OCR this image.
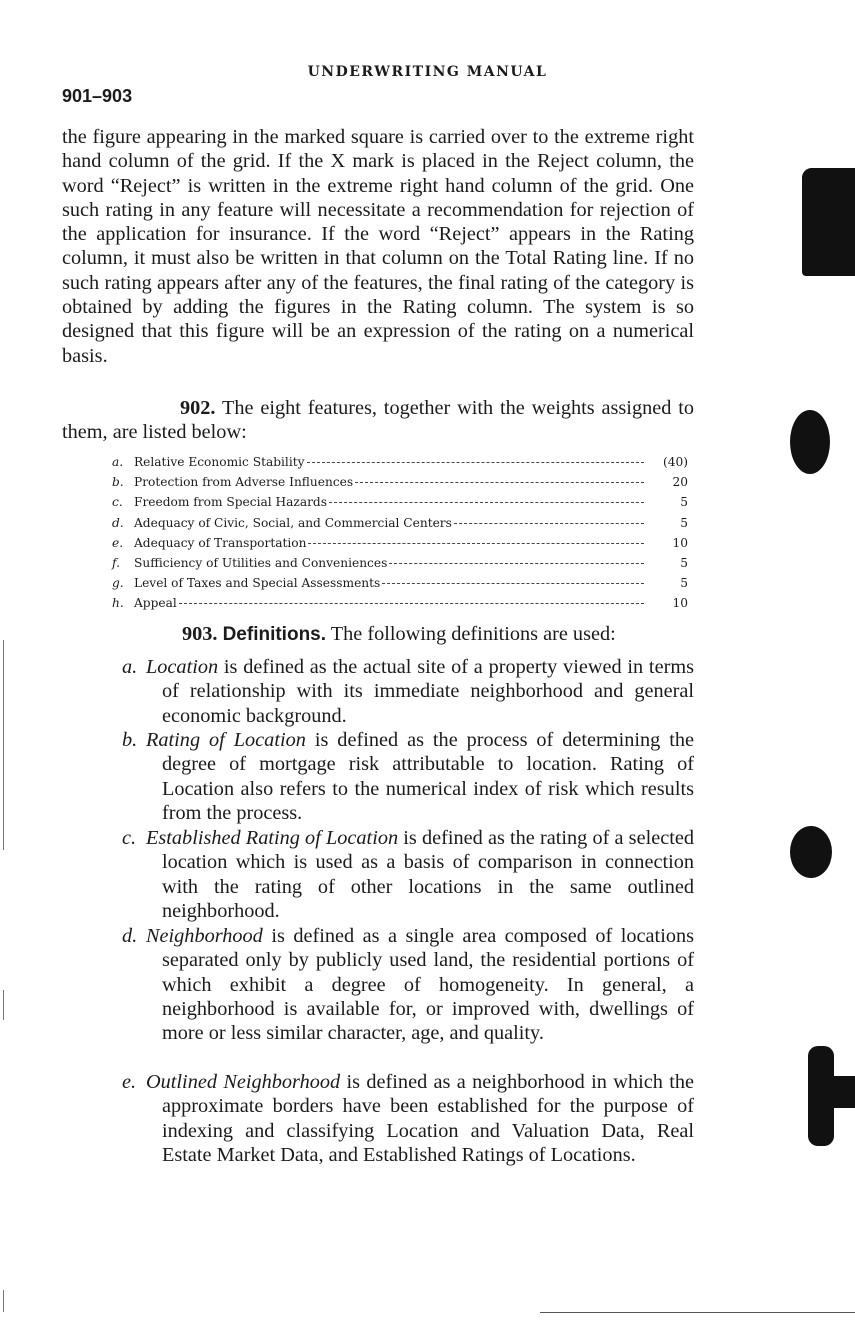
UNDERWRITING MANUAL
901–903

the figure appearing in the marked square is carried over to the extreme right hand column of the grid. If the X mark is placed in the Reject column, the word “Reject” is written in the extreme right hand column of the grid. One such rating in any feature will necessitate a recommendation for rejection of the application for insurance. If the word “Reject” appears in the Rating column, it must also be written in that column on the Total Rating line. If no such rating appears after any of the features, the final rating of the category is obtained by adding the figures in the Rating column. The system is so designed that this figure will be an expression of the rating on a numerical basis.

902. The eight features, together with the weights assigned to them, are listed below:

a. Relative Economic Stability	(40)
b. Protection from Adverse Influences	20
c. Freedom from Special Hazards	5
d. Adequacy of Civic, Social, and Commercial Centers	5
e. Adequacy of Transportation	10
f.	Sufficiency of Utilities and Conveniences	5
g. Level of Taxes and Special Assessments	5
h. Appeal	10
903. Definitions. The following definitions are used:

a. Location is defined as the actual site of a property viewed in terms of relationship with its immediate neighborhood and general economic background.

b. Rating of Location is defined as the process of determining the degree of mortgage risk attributable to location. Rating of Location also refers to the numerical index of risk which results from the process.

c. Established Rating of Location is defined as the rating of a selected location which is used as a basis of comparison in connection with the rating of other locations in the same outlined neighborhood.

d. Neighborhood is defined as a single area composed of locations separated only by publicly used land, the residential portions of which exhibit a degree of homogeneity. In general, a neighborhood is available for, or improved with, dwellings of more or less similar character, age, and quality.

e. Outlined Neighborhood is defined as a neighborhood in which the approximate borders have been established for the purpose of indexing and classifying Location and Valuation Data, Real Estate Market Data, and Established Ratings of Locations.
